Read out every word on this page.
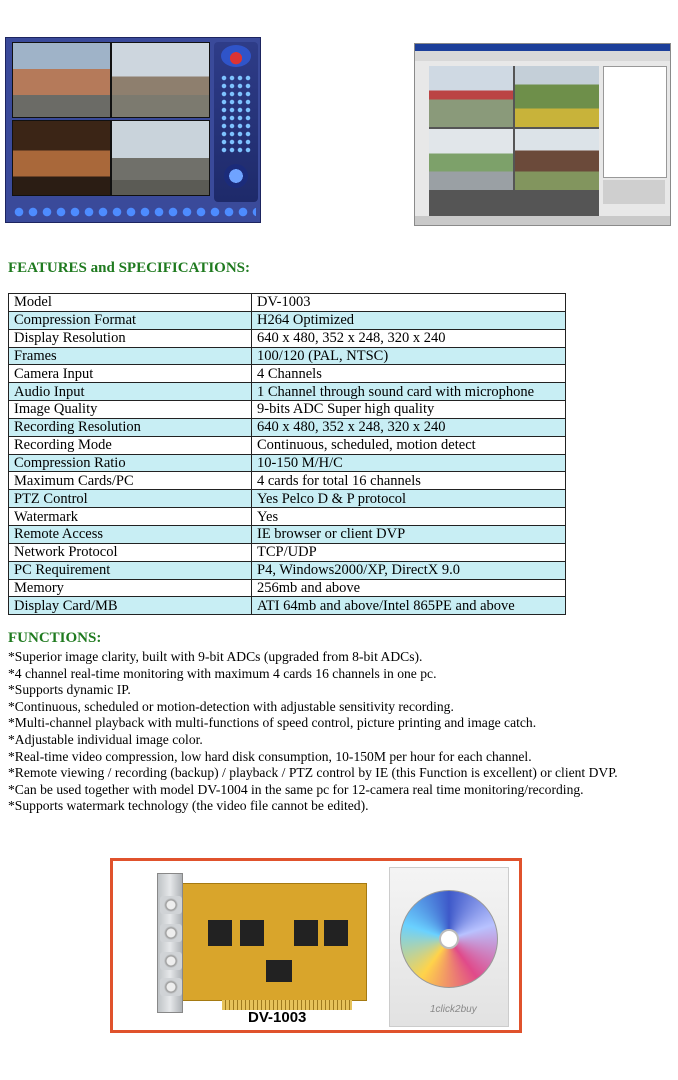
FEATURES and SPECIFICATIONS:
Model	DV-1003
Compression Format	H264 Optimized
Display Resolution	640 x 480, 352 x 248, 320 x 240
Frames	100/120 (PAL, NTSC)
Camera Input	4 Channels
Audio Input	1 Channel through sound card with microphone
Image Quality	9-bits ADC Super high quality
Recording Resolution	640 x 480, 352 x 248, 320 x 240
Recording Mode	Continuous, scheduled, motion detect
Compression Ratio	10-150 M/H/C
Maximum Cards/PC	4 cards for total 16 channels
PTZ Control	Yes Pelco D & P protocol
Watermark	Yes
Remote Access	IE browser or client DVP
Network Protocol	TCP/UDP
PC Requirement	P4, Windows2000/XP, DirectX 9.0
Memory	256mb and above
Display Card/MB	ATI 64mb and above/Intel 865PE and above
FUNCTIONS:
*Superior image clarity, built with 9-bit ADCs (upgraded from 8-bit ADCs).
*4 channel real-time monitoring with maximum 4 cards 16 channels in one pc.
*Supports dynamic IP.
*Continuous, scheduled or motion-detection with adjustable sensitivity recording.
*Multi-channel playback with multi-functions of speed control, picture printing and image catch.
*Adjustable individual image color.
*Real-time video compression, low hard disk consumption, 10-150M per hour for each channel.
*Remote viewing / recording (backup) / playback / PTZ control by IE (this Function is excellent) or client DVP.
*Can be used together with model DV-1004 in the same pc for 12-camera real time monitoring/recording.
*Supports watermark technology (the video file cannot be edited).
DV-1003	1click2buy
